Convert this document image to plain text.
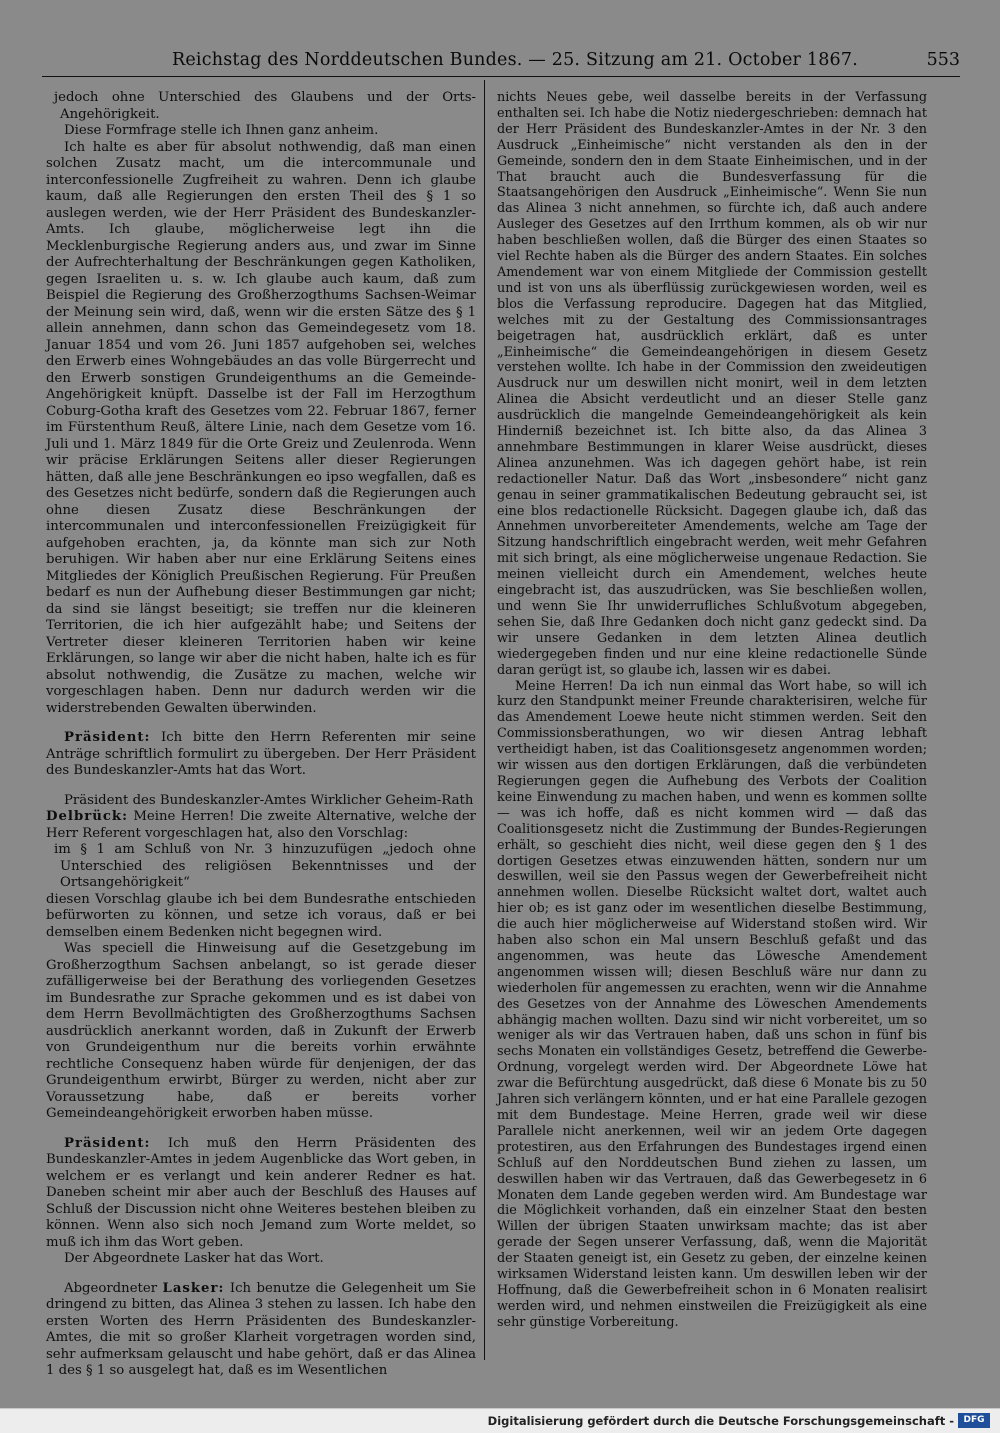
Reichstag des Norddeutschen Bundes. — 25. Sitzung am 21. October 1867.	553

jedoch ohne Unterschied des Glaubens und der Orts-Angehörigkeit.

Diese Formfrage stelle ich Ihnen ganz anheim.

Ich halte es aber für absolut nothwendig, daß man einen solchen Zusatz macht, um die intercommunale und interconfessionelle Zugfreiheit zu wahren. Denn ich glaube kaum, daß alle Regierungen den ersten Theil des § 1 so auslegen werden, wie der Herr Präsident des Bundeskanzler-Amts. Ich glaube, möglicherweise legt ihn die Mecklenburgische Regierung anders aus, und zwar im Sinne der Aufrechterhaltung der Beschränkungen gegen Katholiken, gegen Israeliten u. s. w. Ich glaube auch kaum, daß zum Beispiel die Regierung des Großherzogthums Sachsen-Weimar der Meinung sein wird, daß, wenn wir die ersten Sätze des § 1 allein annehmen, dann schon das Gemeindegesetz vom 18. Januar 1854 und vom 26. Juni 1857 aufgehoben sei, welches den Erwerb eines Wohngebäudes an das volle Bürgerrecht und den Erwerb sonstigen Grundeigenthums an die Gemeinde-Angehörigkeit knüpft. Dasselbe ist der Fall im Herzogthum Coburg-Gotha kraft des Gesetzes vom 22. Februar 1867, ferner im Fürstenthum Reuß, ältere Linie, nach dem Gesetze vom 16. Juli und 1. März 1849 für die Orte Greiz und Zeulenroda. Wenn wir präcise Erklärungen Seitens aller dieser Regierungen hätten, daß alle jene Beschränkungen eo ipso wegfallen, daß es des Gesetzes nicht bedürfe, sondern daß die Regierungen auch ohne diesen Zusatz diese Beschränkungen der intercommunalen und interconfessionellen Freizügigkeit für aufgehoben erachten, ja, da könnte man sich zur Noth beruhigen. Wir haben aber nur eine Erklärung Seitens eines Mitgliedes der Königlich Preußischen Regierung. Für Preußen bedarf es nun der Aufhebung dieser Bestimmungen gar nicht; da sind sie längst beseitigt; sie treffen nur die kleineren Territorien, die ich hier aufgezählt habe; und Seitens der Vertreter dieser kleineren Territorien haben wir keine Erklärungen, so lange wir aber die nicht haben, halte ich es für absolut nothwendig, die Zusätze zu machen, welche wir vorgeschlagen haben. Denn nur dadurch werden wir die widerstrebenden Gewalten überwinden.

Präsident: Ich bitte den Herrn Referenten mir seine Anträge schriftlich formulirt zu übergeben. Der Herr Präsident des Bundeskanzler-Amts hat das Wort.

Präsident des Bundeskanzler-Amtes Wirklicher Geheim-Rath

Delbrück: Meine Herren! Die zweite Alternative, welche der Herr Referent vorgeschlagen hat, also den Vorschlag:

im § 1 am Schluß von Nr. 3 hinzuzufügen „jedoch ohne Unterschied des religiösen Bekenntnisses und der Ortsangehörigkeit“

diesen Vorschlag glaube ich bei dem Bundesrathe entschieden befürworten zu können, und setze ich voraus, daß er bei demselben einem Bedenken nicht begegnen wird.

Was speciell die Hinweisung auf die Gesetzgebung im Großherzogthum Sachsen anbelangt, so ist gerade dieser zufälligerweise bei der Berathung des vorliegenden Gesetzes im Bundesrathe zur Sprache gekommen und es ist dabei von dem Herrn Bevollmächtigten des Großherzogthums Sachsen ausdrücklich anerkannt worden, daß in Zukunft der Erwerb von Grundeigenthum nur die bereits vorhin erwähnte rechtliche Consequenz haben würde für denjenigen, der das Grundeigenthum erwirbt, Bürger zu werden, nicht aber zur Voraussetzung habe, daß er bereits vorher Gemeindeangehörigkeit erworben haben müsse.

Präsident: Ich muß den Herrn Präsidenten des Bundeskanzler-Amtes in jedem Augenblicke das Wort geben, in welchem er es verlangt und kein anderer Redner es hat. Daneben scheint mir aber auch der Beschluß des Hauses auf Schluß der Discussion nicht ohne Weiteres bestehen bleiben zu können. Wenn also sich noch Jemand zum Worte meldet, so muß ich ihm das Wort geben.

Der Abgeordnete Lasker hat das Wort.

Abgeordneter Lasker: Ich benutze die Gelegenheit um Sie dringend zu bitten, das Alinea 3 stehen zu lassen. Ich habe den ersten Worten des Herrn Präsidenten des Bundeskanzler-Amtes, die mit so großer Klarheit vorgetragen worden sind, sehr aufmerksam gelauscht und habe gehört, daß er das Alinea 1 des § 1 so ausgelegt hat, daß es im Wesentlichen

nichts Neues gebe, weil dasselbe bereits in der Verfassung enthalten sei. Ich habe die Notiz niedergeschrieben: demnach hat der Herr Präsident des Bundeskanzler-Amtes in der Nr. 3 den Ausdruck „Einheimische“ nicht verstanden als den in der Gemeinde, sondern den in dem Staate Einheimischen, und in der That braucht auch die Bundesverfassung für die Staatsangehörigen den Ausdruck „Einheimische“. Wenn Sie nun das Alinea 3 nicht annehmen, so fürchte ich, daß auch andere Ausleger des Gesetzes auf den Irrthum kommen, als ob wir nur haben beschließen wollen, daß die Bürger des einen Staates so viel Rechte haben als die Bürger des andern Staates. Ein solches Amendement war von einem Mitgliede der Commission gestellt und ist von uns als überflüssig zurückgewiesen worden, weil es blos die Verfassung reproducire. Dagegen hat das Mitglied, welches mit zu der Gestaltung des Commissionsantrages beigetragen hat, ausdrücklich erklärt, daß es unter „Einheimische“ die Gemeindeangehörigen in diesem Gesetz verstehen wollte. Ich habe in der Commission den zweideutigen Ausdruck nur um deswillen nicht monirt, weil in dem letzten Alinea die Absicht verdeutlicht und an dieser Stelle ganz ausdrücklich die mangelnde Gemeindeangehörigkeit als kein Hinderniß bezeichnet ist. Ich bitte also, da das Alinea 3 annehmbare Bestimmungen in klarer Weise ausdrückt, dieses Alinea anzunehmen. Was ich dagegen gehört habe, ist rein redactioneller Natur. Daß das Wort „insbesondere“ nicht ganz genau in seiner grammatikalischen Bedeutung gebraucht sei, ist eine blos redactionelle Rücksicht. Dagegen glaube ich, daß das Annehmen unvorbereiteter Amendements, welche am Tage der Sitzung handschriftlich eingebracht werden, weit mehr Gefahren mit sich bringt, als eine möglicherweise ungenaue Redaction. Sie meinen vielleicht durch ein Amendement, welches heute eingebracht ist, das auszudrücken, was Sie beschließen wollen, und wenn Sie Ihr unwiderrufliches Schlußvotum abgegeben, sehen Sie, daß Ihre Gedanken doch nicht ganz gedeckt sind. Da wir unsere Gedanken in dem letzten Alinea deutlich wiedergegeben finden und nur eine kleine redactionelle Sünde daran gerügt ist, so glaube ich, lassen wir es dabei.

Meine Herren! Da ich nun einmal das Wort habe, so will ich kurz den Standpunkt meiner Freunde charakterisiren, welche für das Amendement Loewe heute nicht stimmen werden. Seit den Commissionsberathungen, wo wir diesen Antrag lebhaft vertheidigt haben, ist das Coalitionsgesetz angenommen worden; wir wissen aus den dortigen Erklärungen, daß die verbündeten Regierungen gegen die Aufhebung des Verbots der Coalition keine Einwendung zu machen haben, und wenn es kommen sollte — was ich hoffe, daß es nicht kommen wird — daß das Coalitionsgesetz nicht die Zustimmung der Bundes-Regierungen erhält, so geschieht dies nicht, weil diese gegen den § 1 des dortigen Gesetzes etwas einzuwenden hätten, sondern nur um deswillen, weil sie den Passus wegen der Gewerbefreiheit nicht annehmen wollen. Dieselbe Rücksicht waltet dort, waltet auch hier ob; es ist ganz oder im wesentlichen dieselbe Bestimmung, die auch hier möglicherweise auf Widerstand stoßen wird. Wir haben also schon ein Mal unsern Beschluß gefaßt und das angenommen, was heute das Löwesche Amendement angenommen wissen will; diesen Beschluß wäre nur dann zu wiederholen für angemessen zu erachten, wenn wir die Annahme des Gesetzes von der Annahme des Löweschen Amendements abhängig machen wollten. Dazu sind wir nicht vorbereitet, um so weniger als wir das Vertrauen haben, daß uns schon in fünf bis sechs Monaten ein vollständiges Gesetz, betreffend die Gewerbe-Ordnung, vorgelegt werden wird. Der Abgeordnete Löwe hat zwar die Befürchtung ausgedrückt, daß diese 6 Monate bis zu 50 Jahren sich verlängern könnten, und er hat eine Parallele gezogen mit dem Bundestage. Meine Herren, grade weil wir diese Parallele nicht anerkennen, weil wir an jedem Orte dagegen protestiren, aus den Erfahrungen des Bundestages irgend einen Schluß auf den Norddeutschen Bund ziehen zu lassen, um deswillen haben wir das Vertrauen, daß das Gewerbegesetz in 6 Monaten dem Lande gegeben werden wird. Am Bundestage war die Möglichkeit vorhanden, daß ein einzelner Staat den besten Willen der übrigen Staaten unwirksam machte; das ist aber gerade der Segen unserer Verfassung, daß, wenn die Majorität der Staaten geneigt ist, ein Gesetz zu geben, der einzelne keinen wirksamen Widerstand leisten kann. Um deswillen leben wir der Hoffnung, daß die Gewerbefreiheit schon in 6 Monaten realisirt werden wird, und nehmen einstweilen die Freizügigkeit als eine sehr günstige Vorbereitung.

Digitalisierung gefördert durch die Deutsche Forschungsgemeinschaft -	DFG
